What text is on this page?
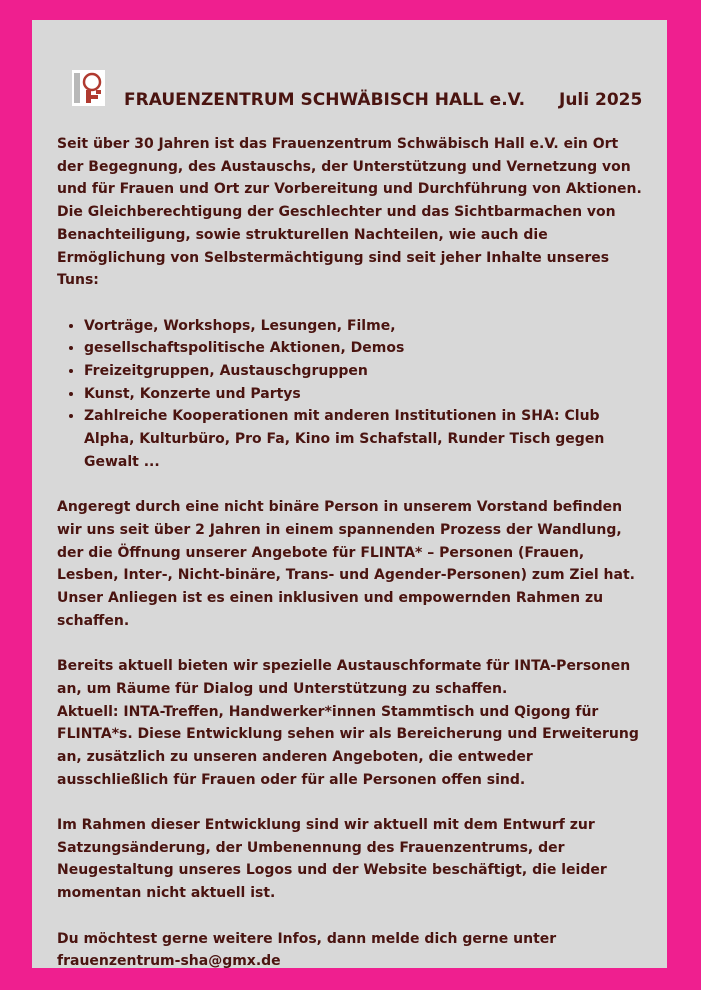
FRAUENZENTRUM SCHWÄBISCH HALL e.V. Juli 2025

Seit über 30 Jahren ist das Frauenzentrum Schwäbisch Hall e.V. ein Ort der Begegnung, des Austauschs, der Unterstützung und Vernetzung von und für Frauen und Ort zur Vorbereitung und Durchführung von Aktionen.

Die Gleichberechtigung der Geschlechter und das Sichtbarmachen von Benachteiligung, sowie strukturellen Nachteilen, wie auch die Ermöglichung von Selbstermächtigung sind seit jeher Inhalte unseres Tuns:

• Vorträge, Workshops, Lesungen, Filme,
• gesellschaftspolitische Aktionen, Demos
• Freizeitgruppen, Austauschgruppen
• Kunst, Konzerte und Partys
• Zahlreiche Kooperationen mit anderen Institutionen in SHA: Club Alpha, Kulturbüro, Pro Fa, Kino im Schafstall, Runder Tisch gegen Gewalt ...

Angeregt durch eine nicht binäre Person in unserem Vorstand befinden wir uns seit über 2 Jahren in einem spannenden Prozess der Wandlung, der die Öffnung unserer Angebote für FLINTA* – Personen (Frauen, Lesben, Inter-, Nicht-binäre, Trans- und Agender-Personen) zum Ziel hat. Unser Anliegen ist es einen inklusiven und empowernden Rahmen zu schaffen.

Bereits aktuell bieten wir spezielle Austauschformate für INTA-Personen an, um Räume für Dialog und Unterstützung zu schaffen.

Aktuell: INTA-Treffen, Handwerker*innen Stammtisch und Qigong für FLINTA*s. Diese Entwicklung sehen wir als Bereicherung und Erweiterung an, zusätzlich zu unseren anderen Angeboten, die entweder ausschließlich für Frauen oder für alle Personen offen sind.

Im Rahmen dieser Entwicklung sind wir aktuell mit dem Entwurf zur Satzungsänderung, der Umbenennung des Frauenzentrums, der Neugestaltung unseres Logos und der Website beschäftigt, die leider momentan nicht aktuell ist.

Du möchtest gerne weitere Infos, dann melde dich gerne unter

frauenzentrum-sha@gmx.de
